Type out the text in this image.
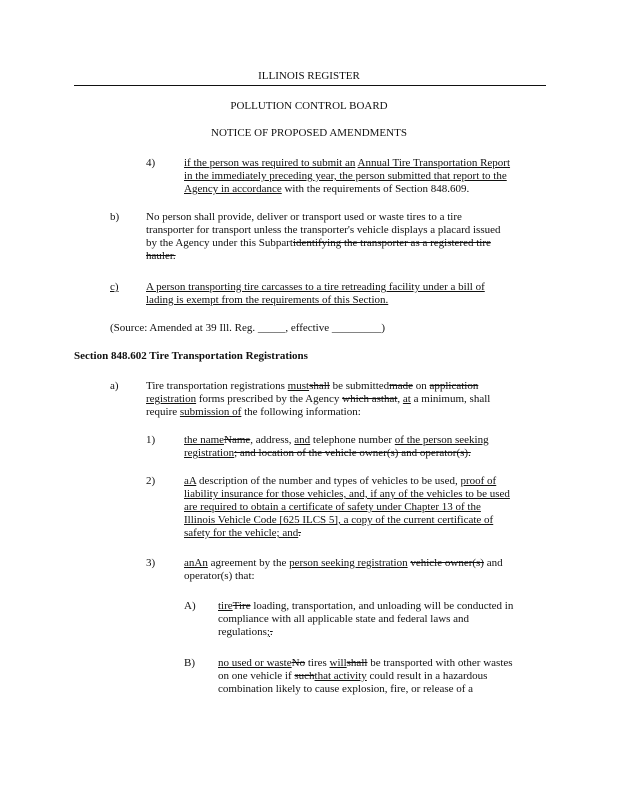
ILLINOIS REGISTER
POLLUTION CONTROL BOARD
NOTICE OF PROPOSED AMENDMENTS
4)	if the person was required to submit an Annual Tire Transportation Report
in the immediately preceding year, the person submitted that report to the
Agency in accordance with the requirements of Section 848.609.
b) No person shall provide, deliver or transport used or waste tires to a tire
transporter for transport unless the transporter's vehicle displays a placard issued
by the Agency under this Subpartidentifying the transporter as a registered tire
hauler.
c) A person transporting tire carcasses to a tire retreading facility under a bill of
lading is exempt from the requirements of this Section.
(Source: Amended at 39 Ill. Reg. _____, effective _________)
Section 848.602 Tire Transportation Registrations
a) Tire transportation registrations mustshall be submittedmade on application
registration forms prescribed by the Agency which asthat, at a minimum, shall
require submission of the following information:
1)	the nameName, address, and telephone number of the person seeking
registration; and location of the vehicle owner(s) and operator(s).
2)	aA description of the number and types of vehicles to be used, proof of
liability insurance for those vehicles, and, if any of the vehicles to be used
are required to obtain a certificate of safety under Chapter 13 of the
Illinois Vehicle Code [625 ILCS 5], a copy of the current certificate of
safety for the vehicle; and.
3)	anAn agreement by the person seeking registration vehicle owner(s) and
operator(s) that:
A) tireTire loading, transportation, and unloading will be conducted in
compliance with all applicable state and federal laws and
regulations;.
B) no used or wasteNo tires willshall be transported with other wastes
on one vehicle if suchthat activity could result in a hazardous
combination likely to cause explosion, fire, or release of a
